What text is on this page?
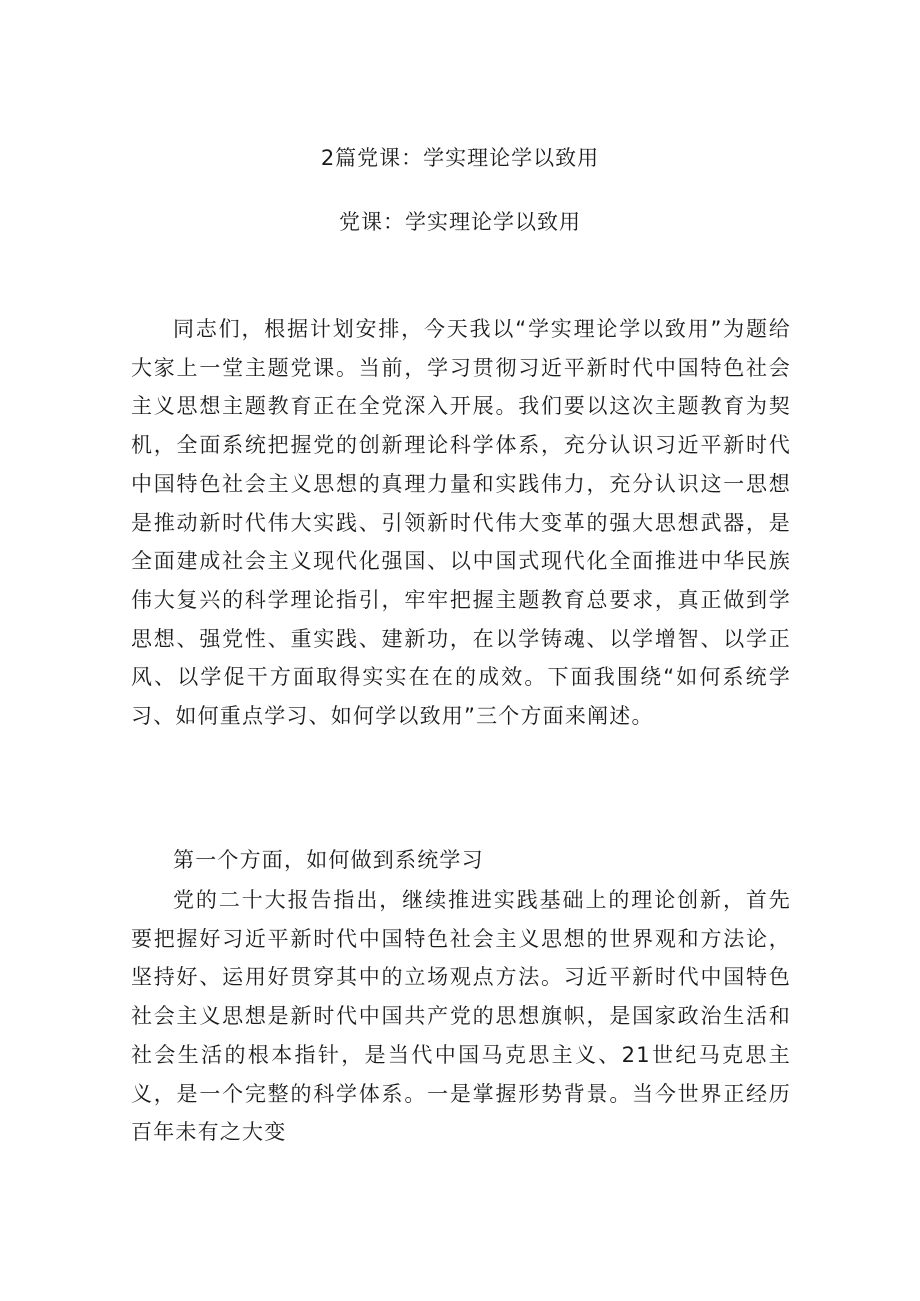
2篇党课：学实理论学以致用
党课：学实理论学以致用

同志们，根据计划安排，今天我以“学实理论学以致用”为题给大家上一堂主题党课。当前，学习贯彻习近平新时代中国特色社会主义思想主题教育正在全党深入开展。我们要以这次主题教育为契机，全面系统把握党的创新理论科学体系，充分认识习近平新时代中国特色社会主义思想的真理力量和实践伟力，充分认识这一思想是推动新时代伟大实践、引领新时代伟大变革的强大思想武器，是全面建成社会主义现代化强国、以中国式现代化全面推进中华民族伟大复兴的科学理论指引，牢牢把握主题教育总要求，真正做到学思想、强党性、重实践、建新功，在以学铸魂、以学增智、以学正风、以学促干方面取得实实在在的成效。下面我围绕“如何系统学习、如何重点学习、如何学以致用”三个方面来阐述。

第一个方面，如何做到系统学习

党的二十大报告指出，继续推进实践基础上的理论创新，首先要把握好习近平新时代中国特色社会主义思想的世界观和方法论，坚持好、运用好贯穿其中的立场观点方法。习近平新时代中国特色社会主义思想是新时代中国共产党的思想旗帜，是国家政治生活和社会生活的根本指针，是当代中国马克思主义、21世纪马克思主义，是一个完整的科学体系。一是掌握形势背景。当今世界正经历百年未有之大变
